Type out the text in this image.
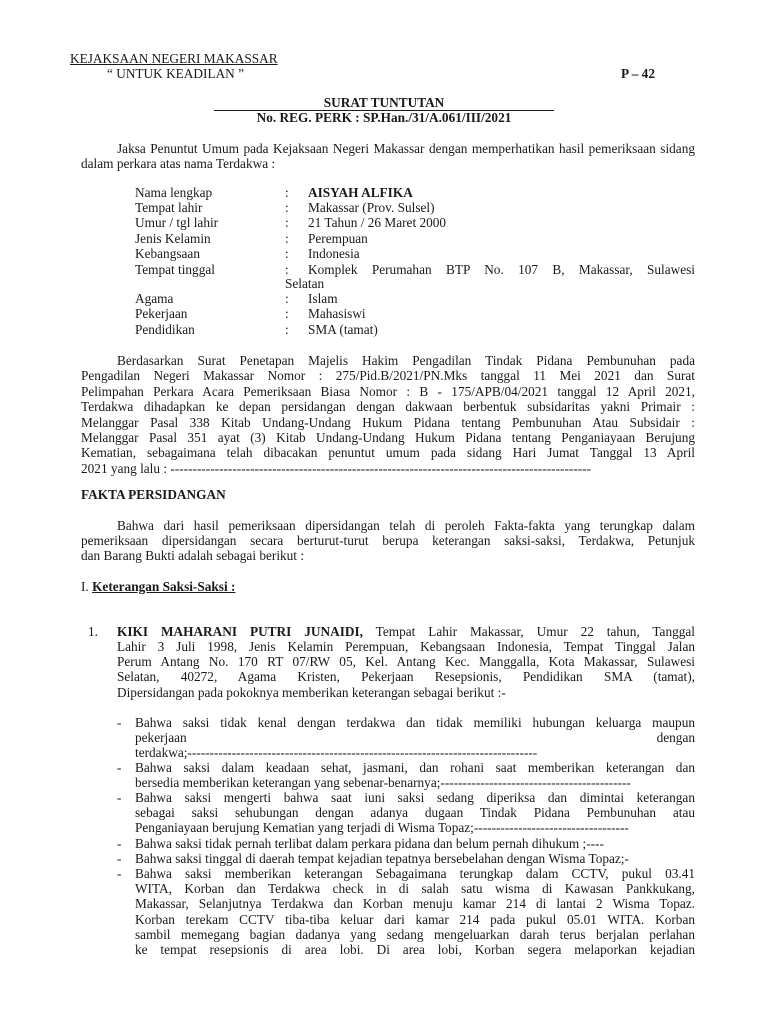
KEJAKSAAN NEGERI MAKASSAR
“ UNTUK KEADILAN ”	P – 42
SURAT TUNTUTAN
No. REG. PERK : SP.Han./31/A.061/III/2021
Jaksa Penuntut Umum pada Kejaksaan Negeri Makassar dengan memperhatikan hasil pemeriksaan sidang dalam perkara atas nama Terdakwa :
Nama lengkap	: AISYAH ALFIKA
Tempat lahir	: Makassar (Prov. Sulsel)
Umur / tgl lahir	: 21 Tahun / 26 Maret 2000
Jenis Kelamin	: Perempuan
Kebangsaan	: Indonesia
Tempat tinggal	: Komplek Perumahan BTP No. 107 B, Makassar, Sulawesi
Selatan
Agama	: Islam
Pekerjaan	: Mahasiswi
Pendidikan	: SMA (tamat)

Berdasarkan Surat Penetapan Majelis Hakim Pengadilan Tindak Pidana Pembunuhan pada

Pengadilan Negeri Makassar Nomor : 275/Pid.B/2021/PN.Mks tanggal 11 Mei 2021 dan Surat

Pelimpahan Perkara Acara Pemeriksaan Biasa Nomor : B - 175/APB/04/2021 tanggal 12 April 2021,

Terdakwa dihadapkan ke depan persidangan dengan dakwaan berbentuk subsidaritas yakni Primair :

Melanggar Pasal 338 Kitab Undang-Undang Hukum Pidana tentang Pembunuhan Atau Subsidair :

Melanggar Pasal 351 ayat (3) Kitab Undang-Undang Hukum Pidana tentang Penganiayaan Berujung

Kematian, sebagaimana telah dibacakan penuntut umum pada sidang Hari Jumat Tanggal 13 April

2021 yang lalu : -----------------------------------------------------------------------------------------------

FAKTA PERSIDANGAN

Bahwa dari hasil pemeriksaan dipersidangan telah di peroleh Fakta-fakta yang terungkap dalam

pemeriksaan dipersidangan secara berturut-turut berupa keterangan saksi-saksi, Terdakwa, Petunjuk

dan Barang Bukti adalah sebagai berikut :

I. Keterangan Saksi-Saksi :
1. KIKI MAHARANI PUTRI JUNAIDI, Tempat Lahir Makassar, Umur 22 tahun, Tanggal

Lahir 3 Juli 1998, Jenis Kelamin Perempuan, Kebangsaan Indonesia, Tempat Tinggal Jalan

Perum Antang No. 170 RT 07/RW 05, Kel. Antang Kec. Manggalla, Kota Makassar, Sulawesi

Selatan, 40272, Agama Kristen, Pekerjaan Resepsionis, Pendidikan SMA (tamat),

Dipersidangan pada pokoknya memberikan keterangan sebagai berikut :-

- Bahwa saksi tidak kenal dengan terdakwa dan tidak memiliki hubungan keluarga maupun

pekerjaan dengan

terdakwa;-------------------------------------------------------------------------------

- Bahwa saksi dalam keadaan sehat, jasmani, dan rohani saat memberikan keterangan dan

bersedia memberikan keterangan yang sebenar-benarnya;-------------------------------------------

- Bahwa saksi mengerti bahwa saat iuni saksi sedang diperiksa dan dimintai keterangan

sebagai saksi sehubungan dengan adanya dugaan Tindak Pidana Pembunuhan atau

Penganiayaan berujung Kematian yang terjadi di Wisma Topaz;-----------------------------------

- Bahwa saksi tidak pernah terlibat dalam perkara pidana dan belum pernah dihukum ;----

- Bahwa saksi tinggal di daerah tempat kejadian tepatnya bersebelahan dengan Wisma Topaz;-

- Bahwa saksi memberikan keterangan Sebagaimana terungkap dalam CCTV, pukul 03.41

WITA, Korban dan Terdakwa check in di salah satu wisma di Kawasan Pankkukang,

Makassar, Selanjutnya Terdakwa dan Korban menuju kamar 214 di lantai 2 Wisma Topaz.

Korban terekam CCTV tiba-tiba keluar dari kamar 214 pada pukul 05.01 WITA. Korban

sambil memegang bagian dadanya yang sedang mengeluarkan darah terus berjalan perlahan

ke tempat resepsionis di area lobi. Di area lobi, Korban segera melaporkan kejadian
